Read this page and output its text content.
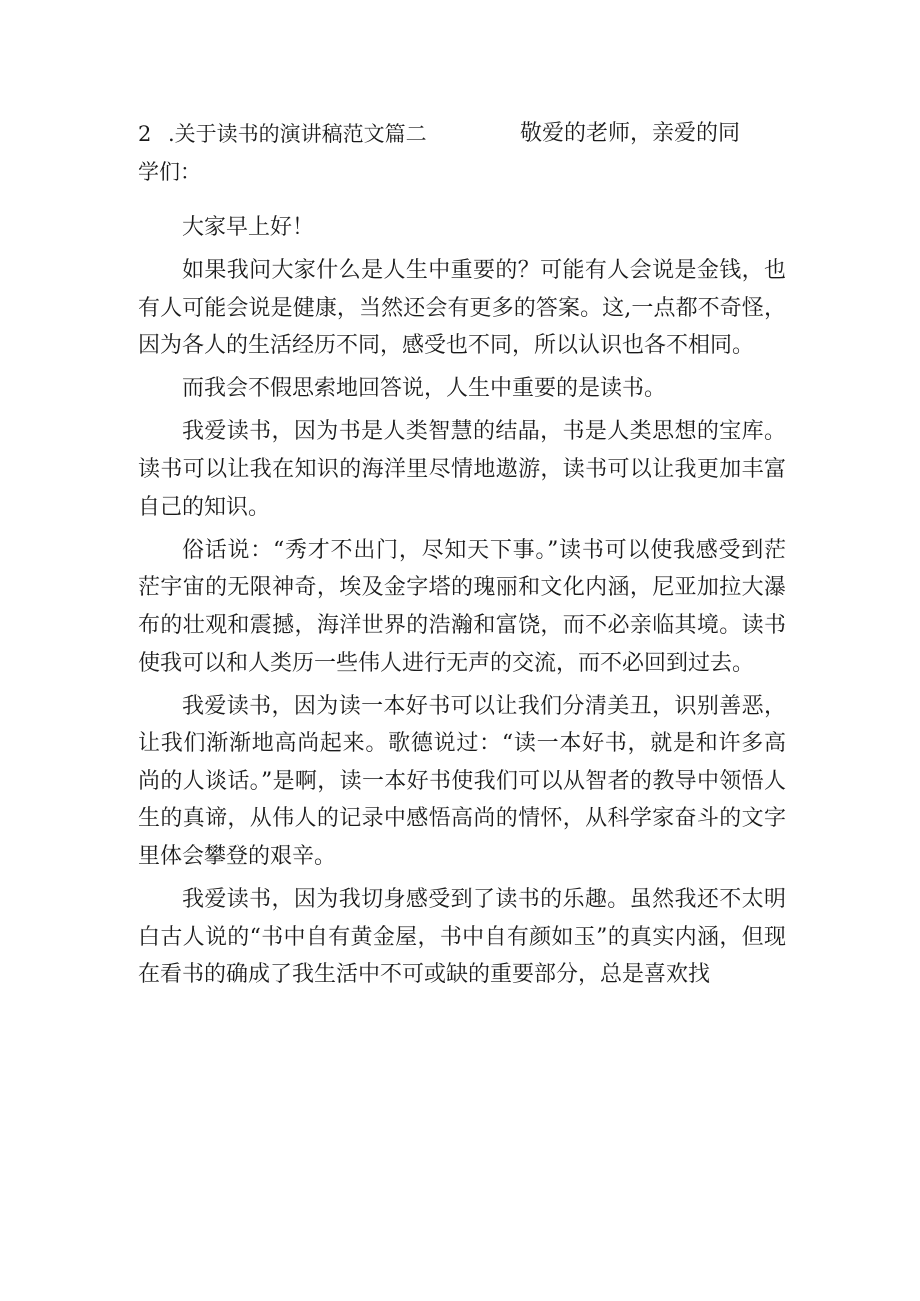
2 .关于读书的演讲稿范文篇二	敬爱的老师，亲爱的同
学们：

大家早上好！

如果我问大家什么是人生中重要的？可能有人会说是金钱，也有人可能会说是健康，当然还会有更多的答案。这,一点都不奇怪，因为各人的生活经历不同，感受也不同，所以认识也各不相同。

而我会不假思索地回答说，人生中重要的是读书。

我爱读书，因为书是人类智慧的结晶，书是人类思想的宝库。读书可以让我在知识的海洋里尽情地遨游，读书可以让我更加丰富自己的知识。

俗话说：“秀才不出门，尽知天下事。”读书可以使我感受到茫茫宇宙的无限神奇，埃及金字塔的瑰丽和文化内涵，尼亚加拉大瀑布的壮观和震撼，海洋世界的浩瀚和富饶，而不必亲临其境。读书使我可以和人类历一些伟人进行无声的交流，而不必回到过去。

我爱读书，因为读一本好书可以让我们分清美丑，识别善恶，让我们渐渐地高尚起来。歌德说过：“读一本好书，就是和许多高尚的人谈话。”是啊，读一本好书使我们可以从智者的教导中领悟人生的真谛，从伟人的记录中感悟高尚的情怀，从科学家奋斗的文字里体会攀登的艰辛。

我爱读书，因为我切身感受到了读书的乐趣。虽然我还不太明白古人说的“书中自有黄金屋，书中自有颜如玉”的真实内涵，但现在看书的确成了我生活中不可或缺的重要部分，总是喜欢找
